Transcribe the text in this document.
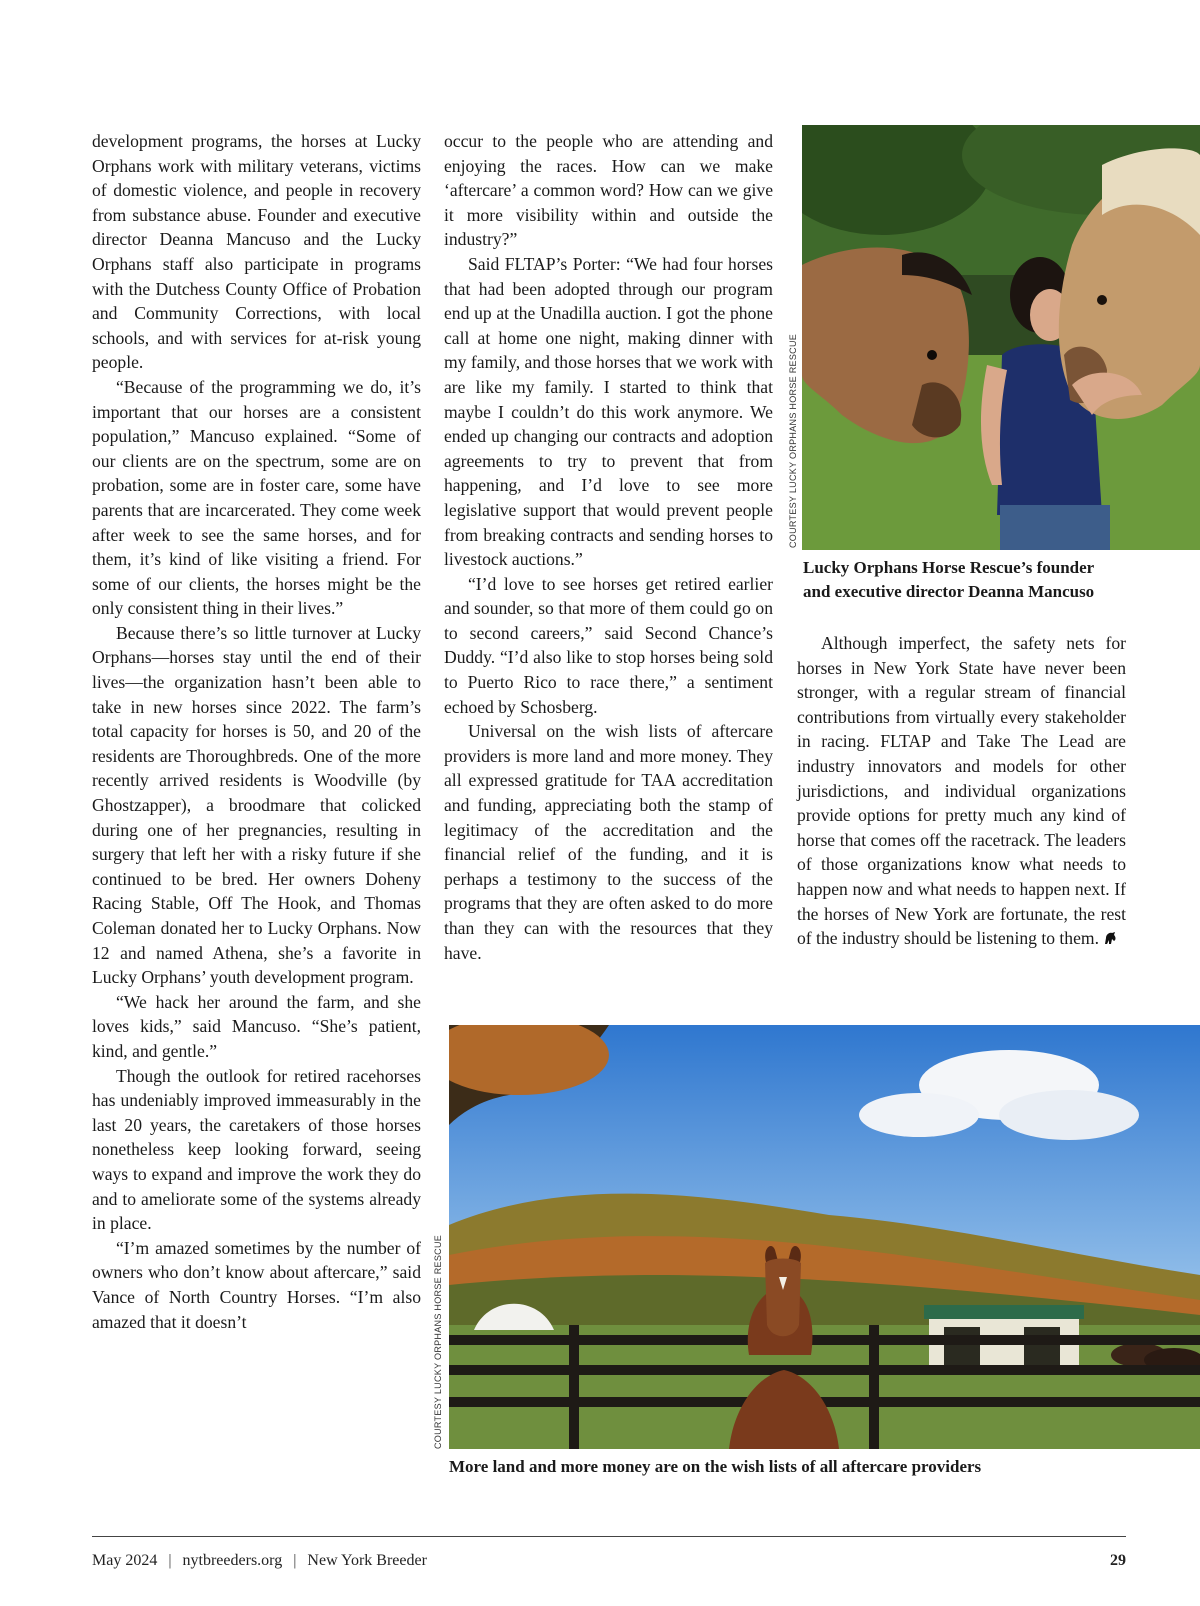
development programs, the horses at Lucky Orphans work with military veterans, victims of domestic violence, and people in recovery from substance abuse. Founder and executive director Deanna Mancuso and the Lucky Orphans staff also participate in programs with the Dutchess County Office of Probation and Community Corrections, with local schools, and with services for at-risk young people.

“Because of the programming we do, it’s important that our horses are a consistent population,” Mancuso explained. “Some of our clients are on the spectrum, some are on probation, some are in foster care, some have parents that are incarcerated. They come week after week to see the same horses, and for them, it’s kind of like visiting a friend. For some of our clients, the horses might be the only consistent thing in their lives.”

Because there’s so little turnover at Lucky Orphans—horses stay until the end of their lives—the organization hasn’t been able to take in new horses since 2022. The farm’s total capacity for horses is 50, and 20 of the residents are Thoroughbreds. One of the more recently arrived residents is Woodville (by Ghostzapper), a broodmare that colicked during one of her pregnancies, resulting in surgery that left her with a risky future if she continued to be bred. Her owners Doheny Racing Stable, Off The Hook, and Thomas Coleman donated her to Lucky Orphans. Now 12 and named Athena, she’s a favorite in Lucky Orphans’ youth development program.

“We hack her around the farm, and she loves kids,” said Mancuso. “She’s patient, kind, and gentle.”

Though the outlook for retired racehorses has undeniably improved immeasurably in the last 20 years, the caretakers of those horses nonetheless keep looking forward, seeing ways to expand and improve the work they do and to ameliorate some of the systems already in place.

“I’m amazed sometimes by the number of owners who don’t know about aftercare,” said Vance of North Country Horses. “I’m also amazed that it doesn’t

occur to the people who are attending and enjoying the races. How can we make ‘aftercare’ a common word? How can we give it more visibility within and outside the industry?”

Said FLTAP’s Porter: “We had four horses that had been adopted through our program end up at the Unadilla auction. I got the phone call at home one night, making dinner with my family, and those horses that we work with are like my family. I started to think that maybe I couldn’t do this work anymore. We ended up changing our contracts and adoption agreements to try to prevent that from happening, and I’d love to see more legislative support that would prevent people from breaking contracts and sending horses to livestock auctions.”

“I’d love to see horses get retired earlier and sounder, so that more of them could go on to second careers,” said Second Chance’s Duddy. “I’d also like to stop horses being sold to Puerto Rico to race there,” a sentiment echoed by Schosberg.

Universal on the wish lists of aftercare providers is more land and more money. They all expressed gratitude for TAA accreditation and funding, appreciating both the stamp of legitimacy of the accreditation and the financial relief of the funding, and it is perhaps a testimony to the success of the programs that they are often asked to do more than they can with the resources that they have.

COURTESY LUCKY ORPHANS HORSE RESCUE
Lucky Orphans Horse Rescue’s founder
and executive director Deanna Mancuso

Although imperfect, the safety nets for horses in New York State have never been stronger, with a regular stream of financial contributions from virtually every stakeholder in racing. FLTAP and Take The Lead are industry innovators and models for other jurisdictions, and individual organizations provide options for pretty much any kind of horse that comes off the racetrack. The leaders of those organizations know what needs to happen now and what needs to happen next. If the horses of New York are fortunate, the rest of the industry should be listening to them.

COURTESY LUCKY ORPHANS HORSE RESCUE
More land and more money are on the wish lists of all aftercare providers
May 2024 | nytbreeders.org | New York Breeder	29
